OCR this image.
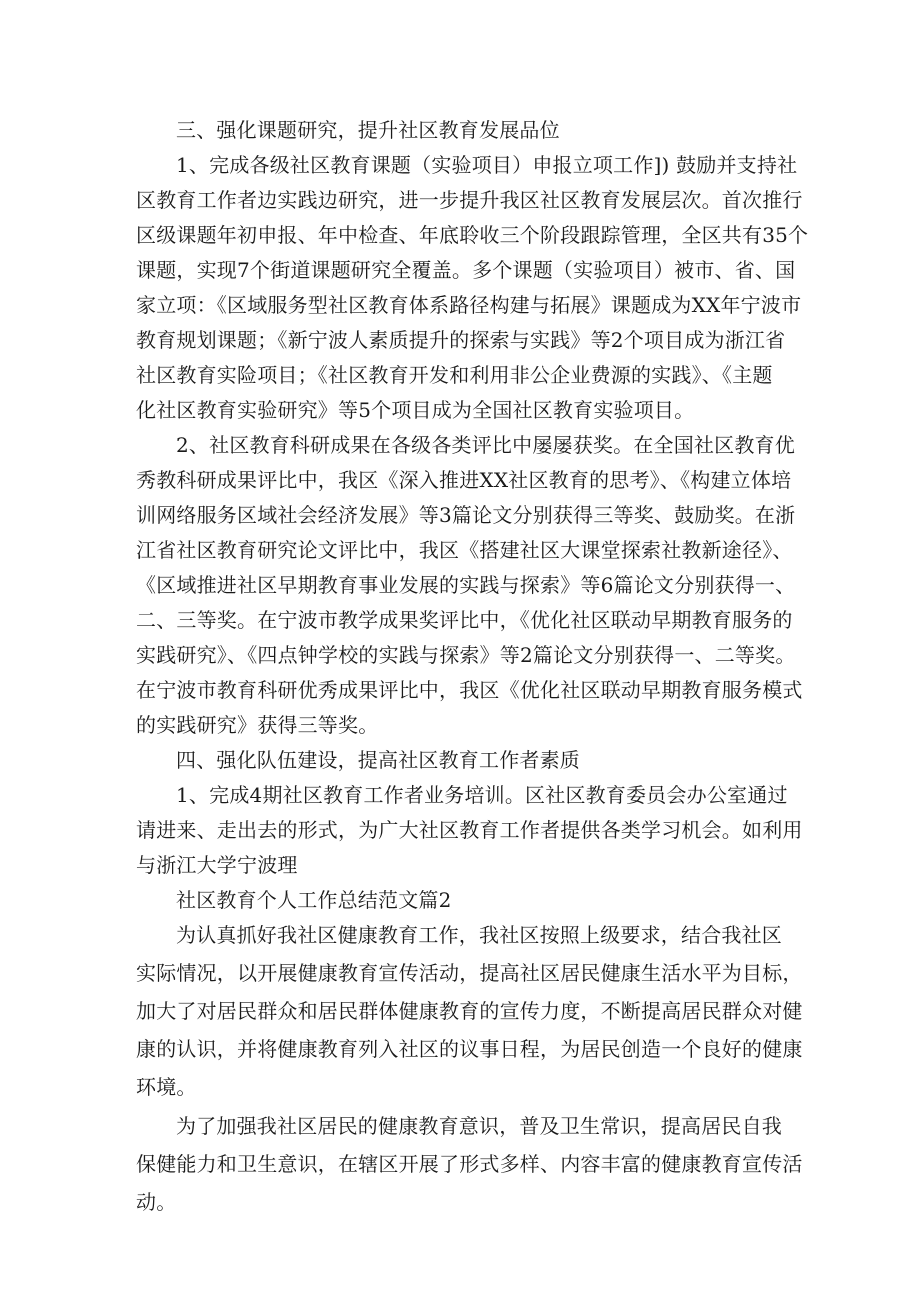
三、强化课题研究，提升社区教育发展品位
1、完成各级社区教育课题（实验项目）申报立项工作]) 鼓励并支持社
区教育工作者边实践边研究，进一步提升我区社区教育发展层次。首次推行
区级课题年初申报、年中检查、年底聆收三个阶段跟踪管理，全区共有35个
课题，实现7个街道课题研究全覆盖。多个课题（实验项目）被市、省、国
家立项：《区域服务型社区教育体系路径构建与拓展》课题成为XX年宁波市
教育规划课题；《新宁波人素质提升的探索与实践》等2个项目成为浙江省
社区教育实险项目；《社区教育开发和利用非公企业费源的实践》、《主题
化社区教育实验研究》等5个项目成为全国社区教育实验项目。
2、社区教育科研成果在各级各类评比中屡屡获奖。在全国社区教育优
秀教科研成果评比中，我区《深入推进XX社区教育的思考》、《构建立体培
训网络服务区域社会经济发展》等3篇论文分别获得三等奖、鼓励奖。在浙
江省社区教育研究论文评比中，我区《搭建社区大课堂探索社教新途径》、
《区域推进社区早期教育事业发展的实践与探索》等6篇论文分别获得一、
二、三等奖。在宁波市教学成果奖评比中，《优化社区联动早期教育服务的
实践研究》、《四点钟学校的实践与探索》等2篇论文分别获得一、二等奖。
在宁波市教育科研优秀成果评比中，我区《优化社区联动早期教育服务模式
的实践研究》获得三等奖。
四、强化队伍建设，提高社区教育工作者素质
1、完成4期社区教育工作者业务培训。区社区教育委员会办公室通过
请进来、走出去的形式，为广大社区教育工作者提供各类学习机会。如利用
与浙江大学宁波理
社区教育个人工作总结范文篇2
为认真抓好我社区健康教育工作，我社区按照上级要求，结合我社区
实际情况，以开展健康教育宣传活动，提高社区居民健康生活水平为目标，
加大了对居民群众和居民群体健康教育的宣传力度，不断提高居民群众对健
康的认识，并将健康教育列入社区的议事日程，为居民创造一个良好的健康
环境。
为了加强我社区居民的健康教育意识，普及卫生常识，提高居民自我
保健能力和卫生意识，在辖区开展了形式多样、内容丰富的健康教育宣传活
动。
